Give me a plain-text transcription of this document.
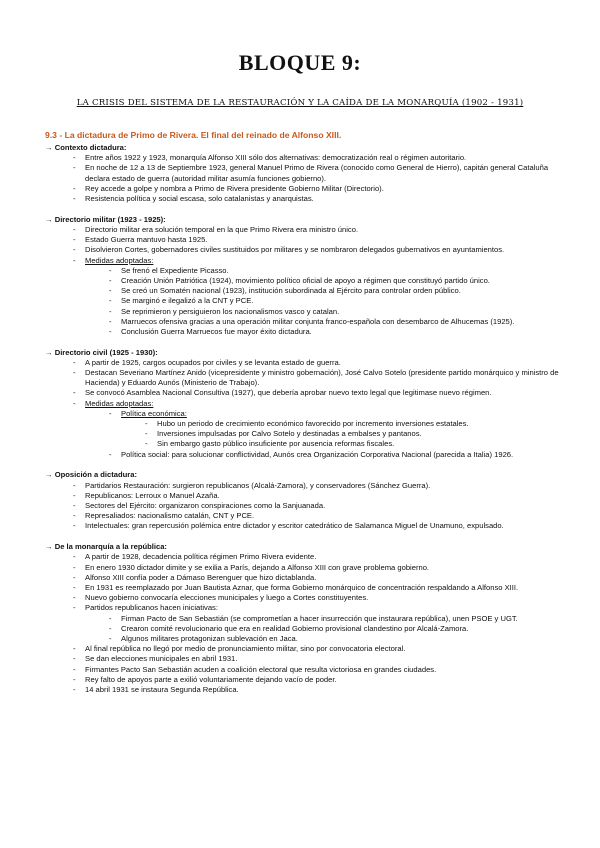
BLOQUE 9:
LA CRISIS DEL SISTEMA DE LA RESTAURACIÓN Y LA CAÍDA DE LA MONARQUÍA (1902 - 1931)
9.3 - La dictadura de Primo de Rivera. El final del reinado de Alfonso XIII.
→ Contexto dictadura:
- Entre años 1922 y 1923, monarquía Alfonso XIII sólo dos alternativas: democratización real o régimen autoritario.
- En noche de 12 a 13 de Septiembre 1923, general Manuel Primo de Rivera (conocido como General de Hierro), capitán general Cataluña declara estado de guerra (autoridad militar asumía funciones gobierno).
- Rey accede a golpe y nombra a Primo de Rivera presidente Gobierno Militar (Directorio).
- Resistencia política y social escasa, solo catalanistas y anarquistas.
→ Directorio militar (1923 - 1925):
- Directorio militar era solución temporal en la que Primo Rivera era ministro único.
- Estado Guerra mantuvo hasta 1925.
- Disolvieron Cortes, gobernadores civiles sustituidos por militares y se nombraron delegados gubernativos en ayuntamientos.
- Medidas adoptadas:
- Se frenó el Expediente Picasso.
- Creación Unión Patriótica (1924), movimiento político oficial de apoyo a régimen que constituyó partido único.
- Se creó un Somatén nacional (1923), institución subordinada al Ejército para controlar orden público.
- Se marginó e ilegalizó a la CNT y PCE.
- Se reprimieron y persiguieron los nacionalismos vasco y catalan.
- Marruecos ofensiva gracias a una operación militar conjunta franco-española con desembarco de Alhucemas (1925).
- Conclusión Guerra Marruecos fue mayor éxito dictadura.
→ Directorio civil (1925 - 1930):
- A partir de 1925, cargos ocupados por civiles y se levanta estado de guerra.
- Destacan Severiano Martínez Anido (vicepresidente y ministro gobernación), José Calvo Sotelo (presidente partido monárquico y ministro de Hacienda) y Eduardo Aunós (Ministerio de Trabajo).
- Se convocó Asamblea Nacional Consultiva (1927), que debería aprobar nuevo texto legal que legitimase nuevo régimen.
- Medidas adoptadas:
- Política económica:
- Hubo un periodo de crecimiento económico favorecido por incremento inversiones estatales.
- Inversiones impulsadas por Calvo Sotelo y destinadas a embalses y pantanos.
- Sin embargo gasto público insuficiente por ausencia reformas fiscales.
- Política social: para solucionar conflictividad, Aunós crea Organización Corporativa Nacional (parecida a Italia) 1926.
→ Oposición a dictadura:
- Partidarios Restauración: surgieron republicanos (Alcalá-Zamora), y conservadores (Sánchez Guerra).
- Republicanos: Lerroux o Manuel Azaña.
- Sectores del Ejército: organizaron conspiraciones como la Sanjuanada.
- Represaliados: nacionalismo catalán, CNT y PCE.
- Intelectuales: gran repercusión polémica entre dictador y escritor catedrático de Salamanca Miguel de Unamuno, expulsado.
→ De la monarquía a la república:
- A partir de 1928, decadencia política régimen Primo Rivera evidente.
- En enero 1930 dictador dimite y se exilia a París, dejando a Alfonso XIII con grave problema gobierno.
- Alfonso XIII confía poder a Dámaso Berenguer que hizo dictablanda.
- En 1931 es reemplazado por Juan Bautista Aznar, que forma Gobierno monárquico de concentración respaldando a Alfonso XIII.
- Nuevo gobierno convocaría elecciones municipales y luego a Cortes constituyentes.
- Partidos republicanos hacen iniciativas:
- Firman Pacto de San Sebastián (se comprometían a hacer insurrección que instaurara república), unen PSOE y UGT.
- Crearon comité revolucionario que era en realidad Gobierno provisional clandestino por Alcalá-Zamora.
- Algunos militares protagonizan sublevación en Jaca.
- Al final república no llegó por medio de pronunciamiento militar, sino por convocatoria electoral.
- Se dan elecciones municipales en abril 1931.
- Firmantes Pacto San Sebastián acuden a coalición electoral que resulta victoriosa en grandes ciudades.
- Rey falto de apoyos parte a exilió voluntariamente dejando vacío de poder.
- 14 abril 1931 se instaura Segunda República.
